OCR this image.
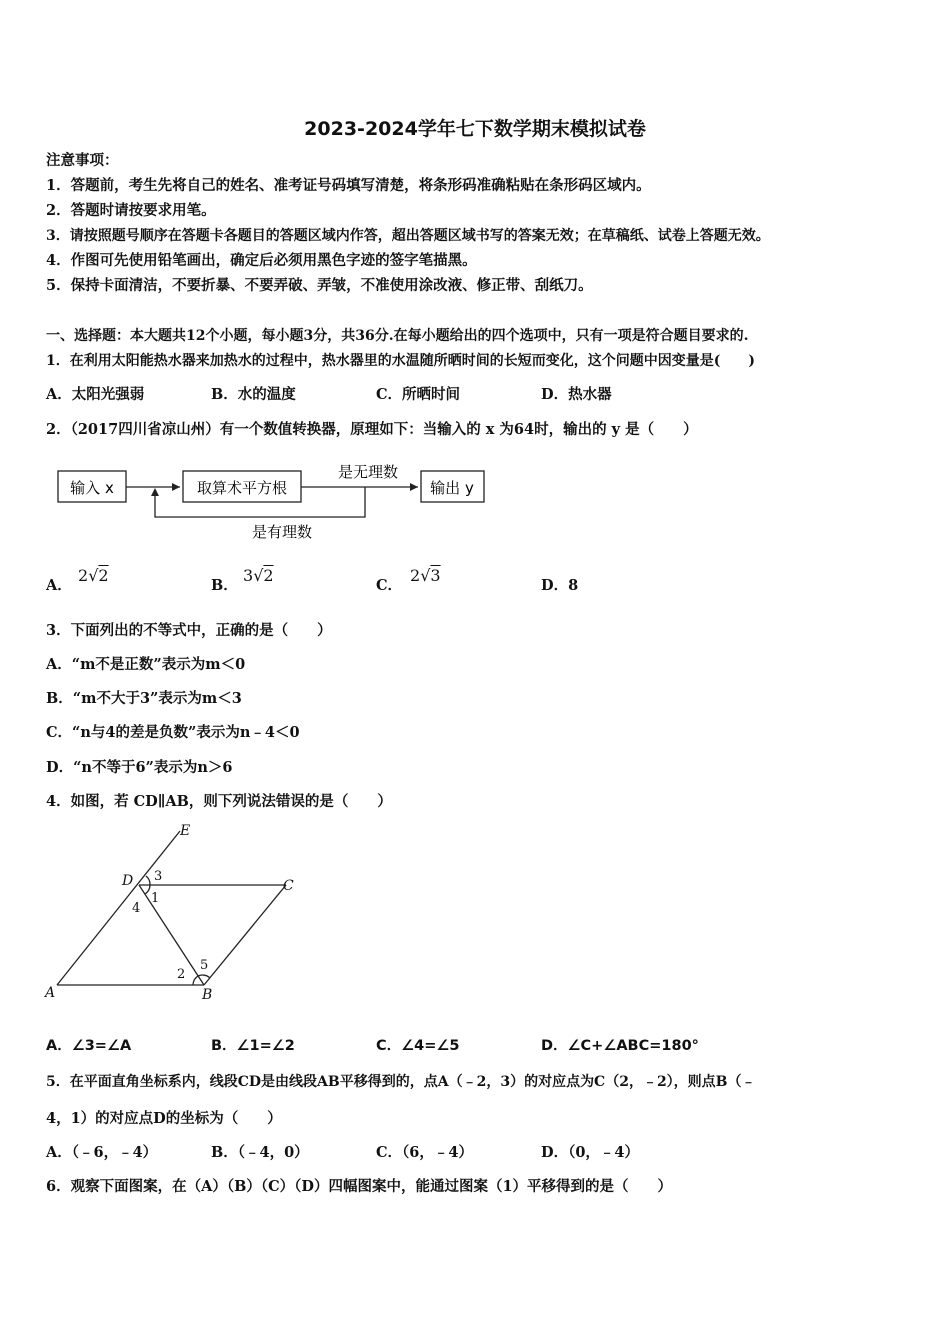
2023-2024学年七下数学期末模拟试卷
注意事项：
1．答题前，考生先将自己的姓名、准考证号码填写清楚，将条形码准确粘贴在条形码区域内。
2．答题时请按要求用笔。
3．请按照题号顺序在答题卡各题目的答题区域内作答，超出答题区域书写的答案无效；在草稿纸、试卷上答题无效。
4．作图可先使用铅笔画出，确定后必须用黑色字迹的签字笔描黑。
5．保持卡面清洁，不要折暴、不要弄破、弄皱，不准使用涂改液、修正带、刮纸刀。
一、选择题：本大题共12个小题，每小题3分，共36分.在每小题给出的四个选项中，只有一项是符合题目要求的.
1．在利用太阳能热水器来加热水的过程中，热水器里的水温随所晒时间的长短而变化，这个问题中因变量是(　　)
A．太阳光强弱	B．水的温度	C．所晒时间	D．热水器
2．（2017四川省凉山州）有一个数值转换器，原理如下：当输入的 x 为64时，输出的 y 是（　　）
输入 x	取算术平方根
是无理数
输出 y
是有理数
A．
2√2
B．
3√2
C．
2√3
D．8
3．下面列出的不等式中，正确的是（　　）
A．“m不是正数”表示为m＜0
B．“m不大于3”表示为m＜3
C．“n与4的差是负数”表示为n﹣4＜0
D．“n不等于6”表示为n＞6
4．如图，若 CD∥AB，则下列说法错误的是（　　）
E
D	C
A	B
3
1
4
2
5
A．∠3=∠A	B．∠1=∠2	C．∠4=∠5	D．∠C+∠ABC=180°
5．在平面直角坐标系内，线段CD是由线段AB平移得到的，点A（﹣2，3）的对应点为C（2，﹣2），则点B（﹣
4，1）的对应点D的坐标为（　　）
A．（﹣6，﹣4）	B．（﹣4，0）	C．（6，﹣4）	D．（0，﹣4）
6．观察下面图案，在（A）（B）（C）（D）四幅图案中，能通过图案（1）平移得到的是（　　）
